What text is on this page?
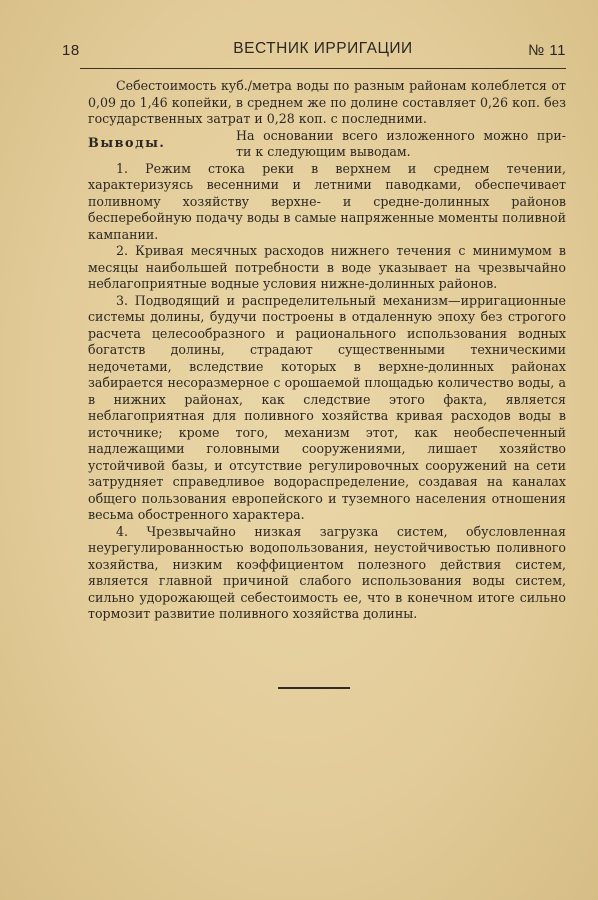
18	ВЕСТНИК ИРРИГАЦИИ	№ 11

Себестоимость куб./метра воды по разным районам колеблется от 0,09 до 1,46 копейки, в среднем же по долине составляет 0,26 коп. без государственных затрат и 0,28 коп. с последними.

Выводы.
На основании всего изложенного можно при-
ти к следующим выводам.

1. Режим стока реки в верхнем и среднем течении, характеризуясь весенними и летними паводками, обеспечивает поливному хозяйству верхне- и средне-долинных районов бесперебойную подачу воды в самые напряженные моменты поливной кампании.

2. Кривая месячных расходов нижнего течения с минимумом в месяцы наибольшей потребности в воде указывает на чрезвычайно неблагоприятные водные условия нижне-долинных районов.

3. Подводящий и распределительный механизм—ирригационные системы долины, будучи построены в отдаленную эпоху без строгого расчета целесообразного и рационального использования водных богатств долины, страдают существенными техническими недочетами, вследствие которых в верхне-долинных районах забирается несоразмерное с орошаемой площадью количество воды, а в нижних районах, как следствие этого факта, является неблагоприятная для поливного хозяйства кривая расходов воды в источнике; кроме того, механизм этот, как необеспеченный надлежащими головными сооружениями, лишает хозяйство устойчивой базы, и отсутствие регулировочных сооружений на сети затрудняет справедливое водораспределение, создавая на каналах общего пользования европейского и туземного населения отношения весьма обостренного характера.

4. Чрезвычайно низкая загрузка систем, обусловленная неурегулированностью водопользования, неустойчивостью поливного хозяйства, низким коэффициентом полезного действия систем, является главной причиной слабого использования воды систем, сильно удорожающей себестоимость ее, что в конечном итоге сильно тормозит развитие поливного хозяйства долины.
